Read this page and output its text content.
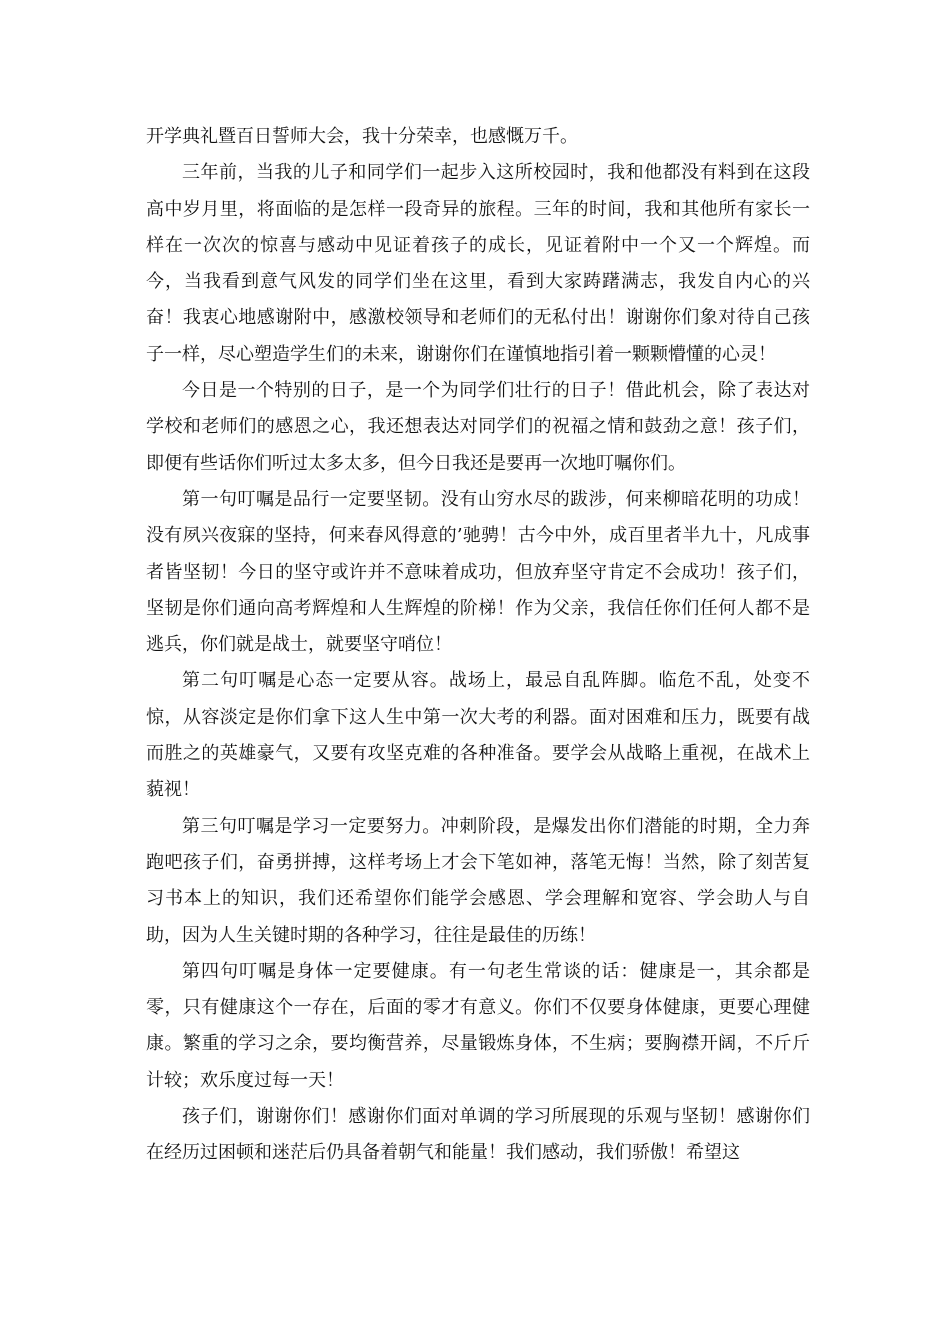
开学典礼暨百日誓师大会，我十分荣幸，也感慨万千。

三年前，当我的儿子和同学们一起步入这所校园时，我和他都没有料到在这段高中岁月里，将面临的是怎样一段奇异的旅程。三年的时间，我和其他所有家长一样在一次次的惊喜与感动中见证着孩子的成长，见证着附中一个又一个辉煌。而今，当我看到意气风发的同学们坐在这里，看到大家踌躇满志，我发自内心的兴奋！我衷心地感谢附中，感激校领导和老师们的无私付出！谢谢你们象对待自己孩子一样，尽心塑造学生们的未来，谢谢你们在谨慎地指引着一颗颗懵懂的心灵！

今日是一个特别的日子，是一个为同学们壮行的日子！借此机会，除了表达对学校和老师们的感恩之心，我还想表达对同学们的祝福之情和鼓劲之意！孩子们，即便有些话你们听过太多太多，但今日我还是要再一次地叮嘱你们。

第一句叮嘱是品行一定要坚韧。没有山穷水尽的跋涉，何来柳暗花明的功成！没有夙兴夜寐的坚持，何来春风得意的’驰骋！古今中外，成百里者半九十，凡成事者皆坚韧！今日的坚守或许并不意味着成功，但放弃坚守肯定不会成功！孩子们，坚韧是你们通向高考辉煌和人生辉煌的阶梯！作为父亲，我信任你们任何人都不是逃兵，你们就是战士，就要坚守哨位！

第二句叮嘱是心态一定要从容。战场上，最忌自乱阵脚。临危不乱，处变不惊，从容淡定是你们拿下这人生中第一次大考的利器。面对困难和压力，既要有战而胜之的英雄豪气，又要有攻坚克难的各种准备。要学会从战略上重视，在战术上藐视！

第三句叮嘱是学习一定要努力。冲刺阶段，是爆发出你们潜能的时期，全力奔跑吧孩子们，奋勇拼搏，这样考场上才会下笔如神，落笔无悔！当然，除了刻苦复习书本上的知识，我们还希望你们能学会感恩、学会理解和宽容、学会助人与自助，因为人生关键时期的各种学习，往往是最佳的历练！

第四句叮嘱是身体一定要健康。有一句老生常谈的话：健康是一，其余都是零，只有健康这个一存在，后面的零才有意义。你们不仅要身体健康，更要心理健康。繁重的学习之余，要均衡营养，尽量锻炼身体，不生病；要胸襟开阔，不斤斤计较；欢乐度过每一天！

孩子们，谢谢你们！感谢你们面对单调的学习所展现的乐观与坚韧！感谢你们在经历过困顿和迷茫后仍具备着朝气和能量！我们感动，我们骄傲！希望这
